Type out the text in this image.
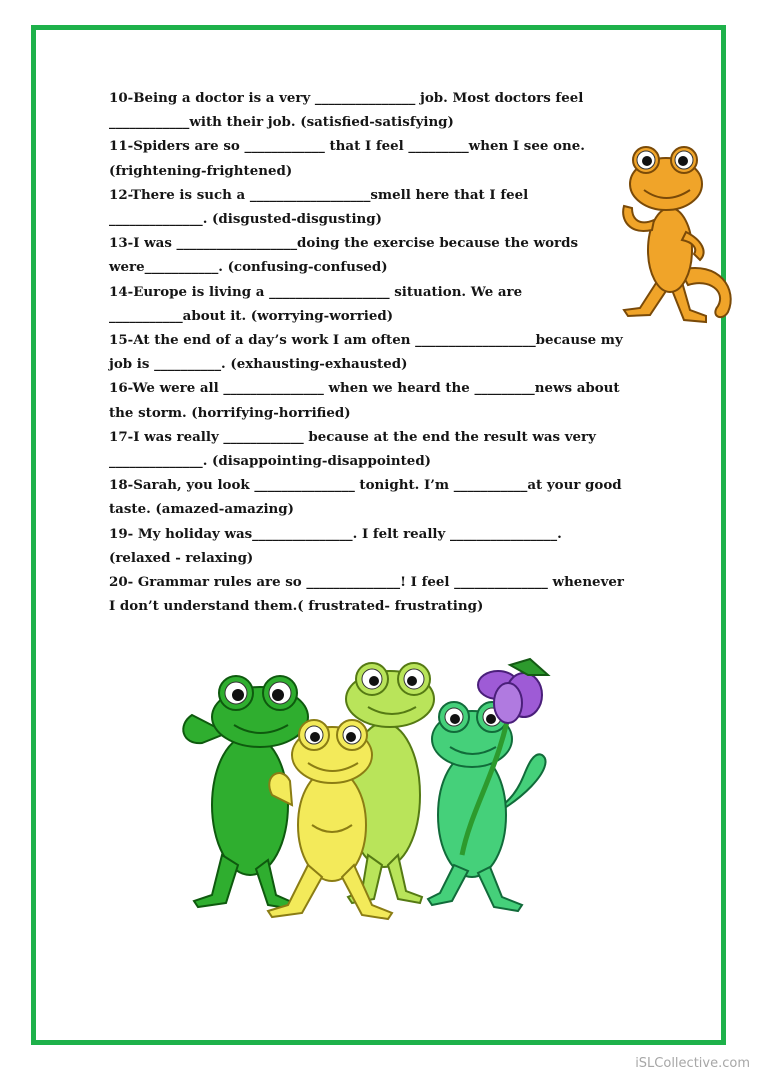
10-Being a doctor is a very _______________ job. Most doctors feel
____________with their job. (satisfied-satisfying)
11-Spiders are so ____________ that I feel _________when I see one.
(frightening-frightened)
12-There is such a __________________smell here that I feel
______________. (disgusted-disgusting)
13-I was __________________doing the exercise because the words
were___________. (confusing-confused)
14-Europe is living a __________________ situation. We are
___________about it. (worrying-worried)
15-At the end of a day’s work I am often __________________because my
job is __________. (exhausting-exhausted)
16-We were all _______________ when we heard the _________news about
the storm. (horrifying-horrified)
17-I was really ____________ because at the end the result was very
______________. (disappointing-disappointed)
18-Sarah, you look _______________ tonight. I’m ___________at your good
taste. (amazed-amazing)
19- My holiday was_______________. I felt really ________________.
(relaxed - relaxing)
20- Grammar rules are so ______________! I feel ______________ whenever
I don’t understand them.( frustrated- frustrating)
iSLCollective.com
